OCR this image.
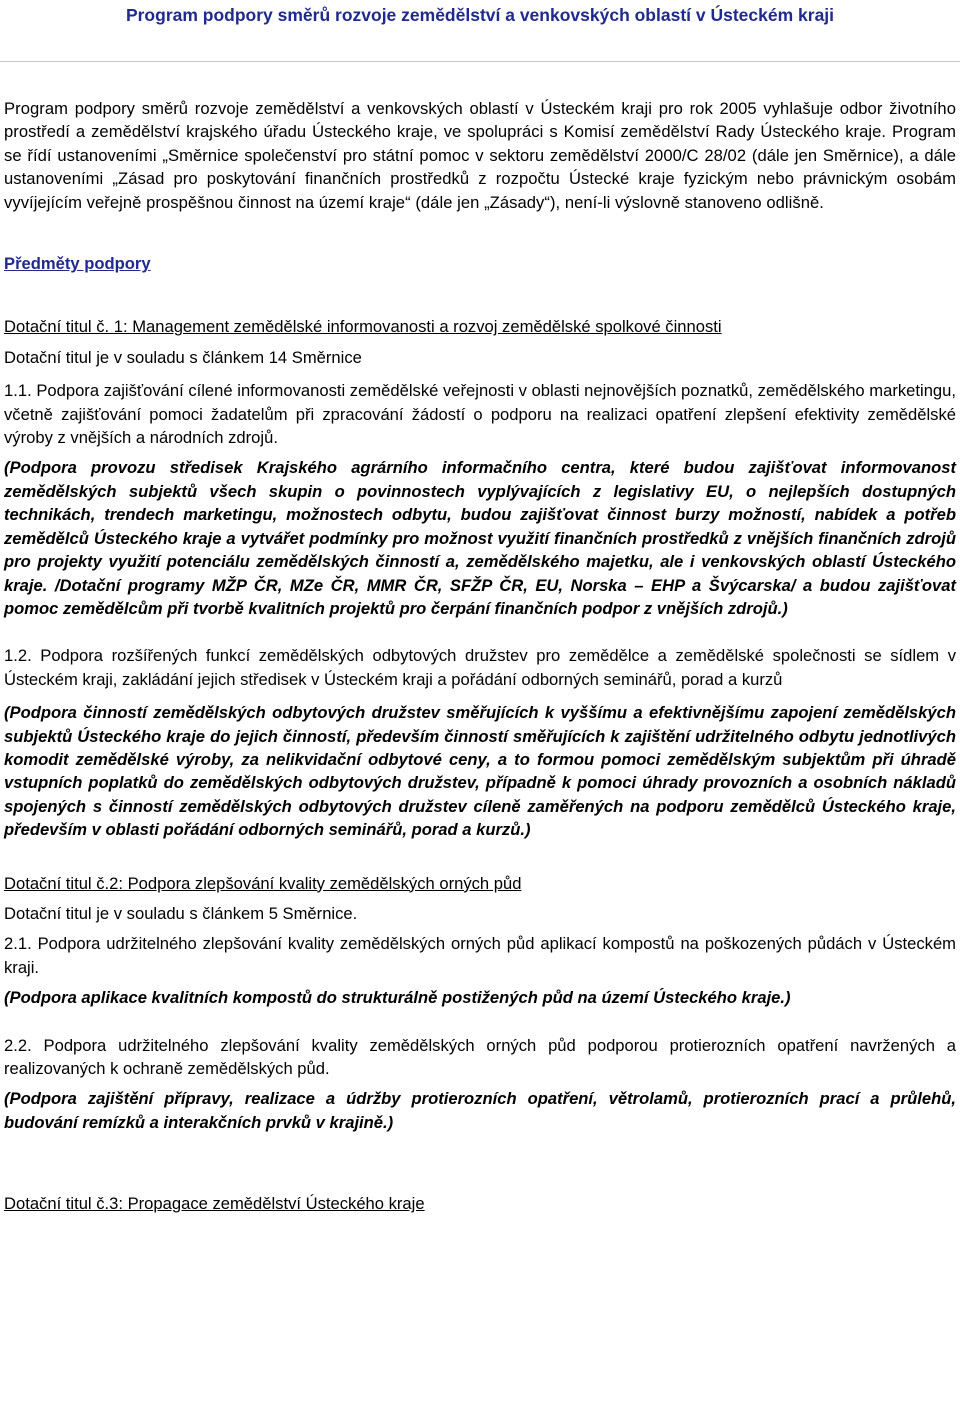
Program podpory směrů rozvoje zemědělství a venkovských oblastí v Ústeckém kraji

Program podpory směrů rozvoje zemědělství a venkovských oblastí v Ústeckém kraji pro rok 2005 vyhlašuje odbor životního prostředí a zemědělství krajského úřadu Ústeckého kraje, ve spolupráci s Komisí zemědělství Rady Ústeckého kraje. Program se řídí ustanoveními „Směrnice společenství pro státní pomoc v sektoru zemědělství 2000/C 28/02 (dále jen Směrnice), a dále ustanoveními „Zásad pro poskytování finančních prostředků z rozpočtu Ústecké kraje fyzickým nebo právnickým osobám vyvíjejícím veřejně prospěšnou činnost na území kraje“ (dále jen „Zásady“), není-li výslovně stanoveno odlišně.

Předměty podpory

Dotační titul č. 1: Management zemědělské informovanosti a rozvoj zemědělské spolkové činnosti

Dotační titul je v souladu s článkem 14 Směrnice

1.1. Podpora zajišťování cílené informovanosti zemědělské veřejnosti v oblasti nejnovějších poznatků, zemědělského marketingu, včetně zajišťování pomoci žadatelům při zpracování žádostí o podporu na realizaci opatření zlepšení efektivity zemědělské výroby z vnějších a národních zdrojů.

(Podpora provozu středisek Krajského agrárního informačního centra, které budou zajišťovat informovanost zemědělských subjektů všech skupin o povinnostech vyplývajících z legislativy EU, o nejlepších dostupných technikách, trendech marketingu, možnostech odbytu, budou zajišťovat činnost burzy možností, nabídek a potřeb zemědělců Ústeckého kraje a vytvářet podmínky pro možnost využití finančních prostředků z vnějších finančních zdrojů pro projekty využití potenciálu zemědělských činností a, zemědělského majetku, ale i venkovských oblastí Ústeckého kraje. /Dotační programy MŽP ČR, MZe ČR, MMR ČR, SFŽP ČR, EU, Norska – EHP a Švýcarska/ a budou zajišťovat pomoc zemědělcům při tvorbě kvalitních projektů pro čerpání finančních podpor z vnějších zdrojů.)

1.2. Podpora rozšířených funkcí zemědělských odbytových družstev pro zemědělce a zemědělské společnosti se sídlem v Ústeckém kraji, zakládání jejich středisek v Ústeckém kraji a pořádání odborných seminářů, porad a kurzů

(Podpora činností zemědělských odbytových družstev směřujících k vyššímu a efektivnějšímu zapojení zemědělských subjektů Ústeckého kraje do jejich činností, především činností směřujících k zajištění udržitelného odbytu jednotlivých komodit zemědělské výroby, za nelikvidační odbytové ceny, a to formou pomoci zemědělským subjektům při úhradě vstupních poplatků do zemědělských odbytových družstev, případně k pomoci úhrady provozních a osobních nákladů spojených s činností zemědělských odbytových družstev cíleně zaměřených na podporu zemědělců Ústeckého kraje, především v oblasti pořádání odborných seminářů, porad a kurzů.)

Dotační titul č.2: Podpora zlepšování kvality zemědělských orných půd

Dotační titul je v souladu s článkem 5 Směrnice.

2.1. Podpora udržitelného zlepšování kvality zemědělských orných půd aplikací kompostů na poškozených půdách v Ústeckém kraji.

(Podpora aplikace kvalitních kompostů do strukturálně postižených půd na území Ústeckého kraje.)

2.2. Podpora udržitelného zlepšování kvality zemědělských orných půd podporou protierozních opatření navržených a realizovaných k ochraně zemědělských půd.

(Podpora zajištění přípravy, realizace a údržby protierozních opatření, větrolamů, protierozních prací a průlehů, budování remízků a interakčních prvků v krajině.)

Dotační titul č.3: Propagace zemědělství Ústeckého kraje
